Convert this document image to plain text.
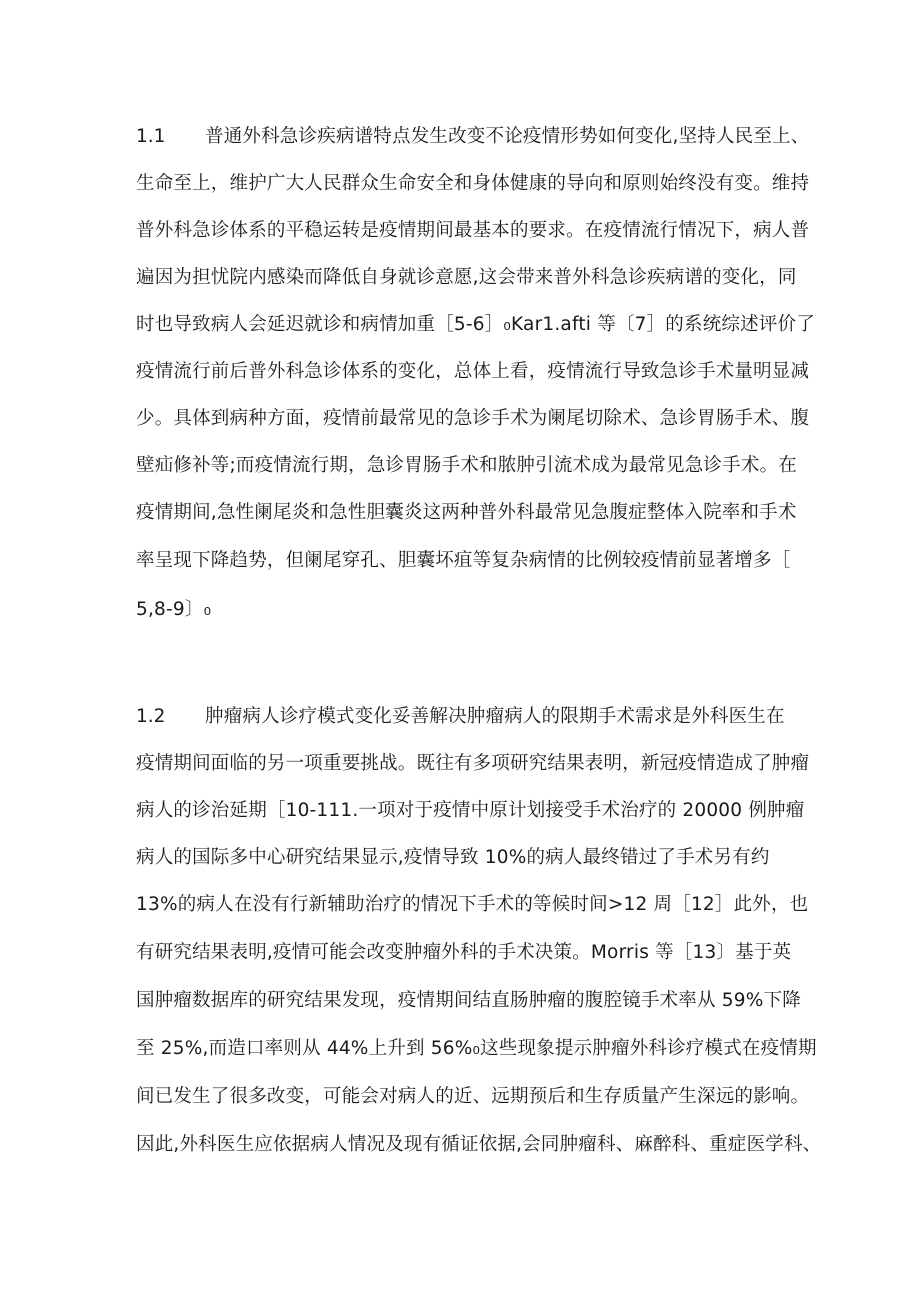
1.1 普通外科急诊疾病谱特点发生改变不论疫情形势如何变化,坚持人民至上、
生命至上，维护广大人民群众生命安全和身体健康的导向和原则始终没有变。维持
普外科急诊体系的平稳运转是疫情期间最基本的要求。在疫情流行情况下，病人普
遍因为担忧院内感染而降低自身就诊意愿,这会带来普外科急诊疾病谱的变化，同
时也导致病人会延迟就诊和病情加重［5-6］₀Kar1.afti 等〔7］的系统综述评价了
疫情流行前后普外科急诊体系的变化，总体上看，疫情流行导致急诊手术量明显减
少。具体到病种方面，疫情前最常见的急诊手术为阑尾切除术、急诊胃肠手术、腹
壁疝修补等;而疫情流行期，急诊胃肠手术和脓肿引流术成为最常见急诊手术。在
疫情期间,急性阑尾炎和急性胆囊炎这两种普外科最常见急腹症整体入院率和手术
率呈现下降趋势，但阑尾穿孔、胆囊坏疽等复杂病情的比例较疫情前显著增多［
5,8-9〕₀
1.2 肿瘤病人诊疗模式变化妥善解决肿瘤病人的限期手术需求是外科医生在
疫情期间面临的另一项重要挑战。既往有多项研究结果表明，新冠疫情造成了肿瘤
病人的诊治延期［10-111.一项对于疫情中原计划接受手术治疗的 20000 例肿瘤
病人的国际多中心研究结果显示,疫情导致 10%的病人最终错过了手术另有约
13%的病人在没有行新辅助治疗的情况下手术的等候时间>12 周［12］此外，也
有研究结果表明,疫情可能会改变肿瘤外科的手术决策。Morris 等［13〕基于英
国肿瘤数据库的研究结果发现，疫情期间结直肠肿瘤的腹腔镜手术率从 59%下降
至 25%,而造口率则从 44%上升到 56%₀这些现象提示肿瘤外科诊疗模式在疫情期
间已发生了很多改变，可能会对病人的近、远期预后和生存质量产生深远的影响。
因此,外科医生应依据病人情况及现有循证依据,会同肿瘤科、麻醉科、重症医学科、
